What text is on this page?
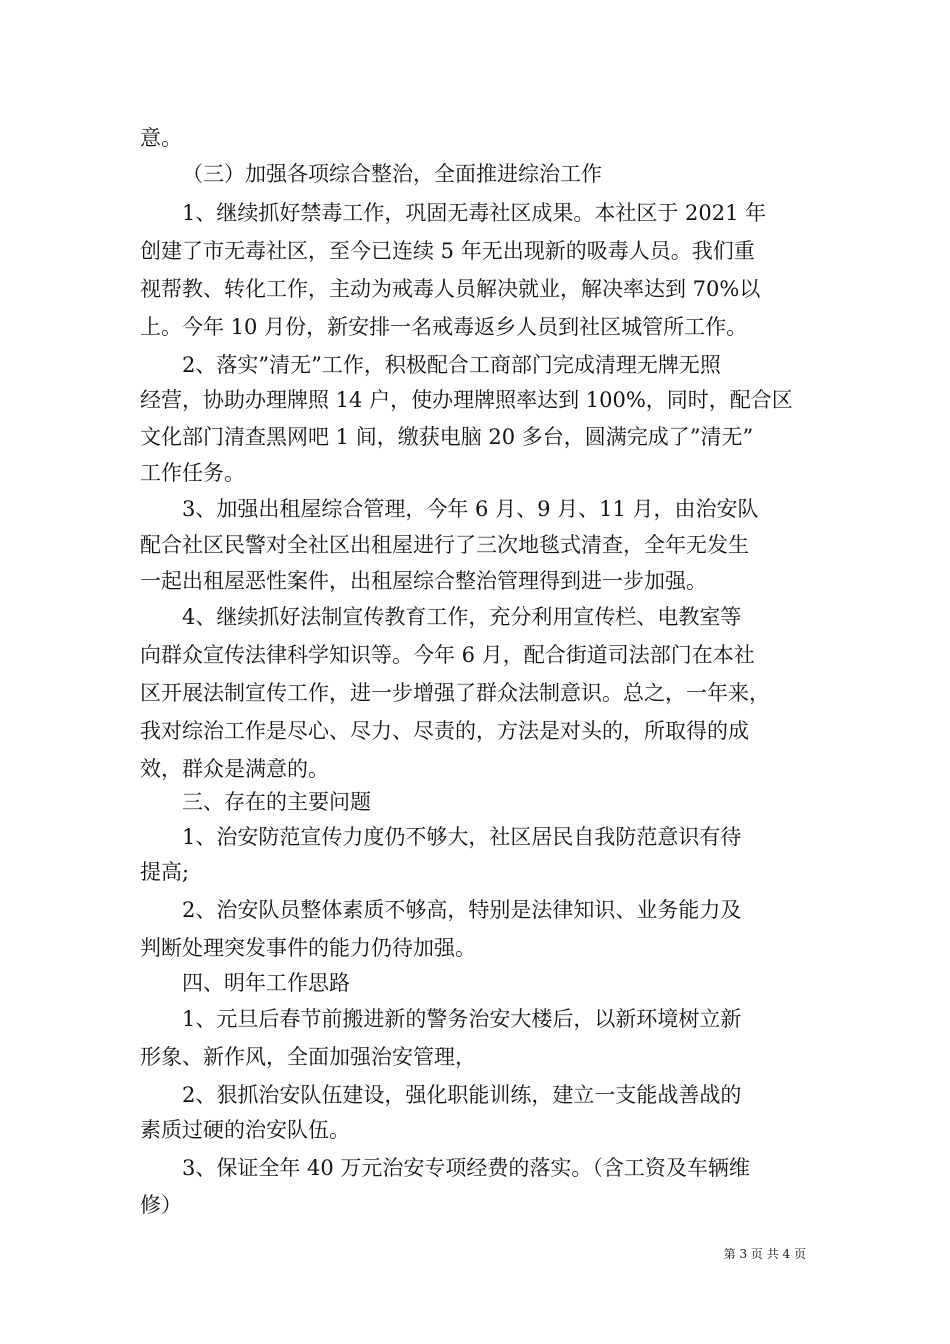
意。
（三）加强各项综合整治，全面推进综治工作
1、继续抓好禁毒工作，巩固无毒社区成果。本社区于 2021 年
创建了市无毒社区，至今已连续 5 年无出现新的吸毒人员。我们重
视帮教、转化工作，主动为戒毒人员解决就业，解决率达到 70%以
上。今年 10 月份，新安排一名戒毒返乡人员到社区城管所工作。
2、落实”清无”工作，积极配合工商部门完成清理无牌无照
经营，协助办理牌照 14 户，使办理牌照率达到 100%，同时，配合区
文化部门清查黑网吧 1 间，缴获电脑 20 多台，圆满完成了”清无”
工作任务。
3、加强出租屋综合管理，今年 6 月、9 月、11 月，由治安队
配合社区民警对全社区出租屋进行了三次地毯式清查，全年无发生
一起出租屋恶性案件，出租屋综合整治管理得到进一步加强。
4、继续抓好法制宣传教育工作，充分利用宣传栏、电教室等
向群众宣传法律科学知识等。今年 6 月，配合街道司法部门在本社
区开展法制宣传工作，进一步增强了群众法制意识。总之，一年来，
我对综治工作是尽心、尽力、尽责的，方法是对头的，所取得的成
效，群众是满意的。
三、存在的主要问题
1、治安防范宣传力度仍不够大，社区居民自我防范意识有待
提高;
2、治安队员整体素质不够高，特别是法律知识、业务能力及
判断处理突发事件的能力仍待加强。
四、明年工作思路
1、元旦后春节前搬进新的警务治安大楼后，以新环境树立新
形象、新作风，全面加强治安管理，
2、狠抓治安队伍建设，强化职能训练，建立一支能战善战的
素质过硬的治安队伍。
3、保证全年 40 万元治安专项经费的落实。（含工资及车辆维
修）
第 3 页 共 4 页
